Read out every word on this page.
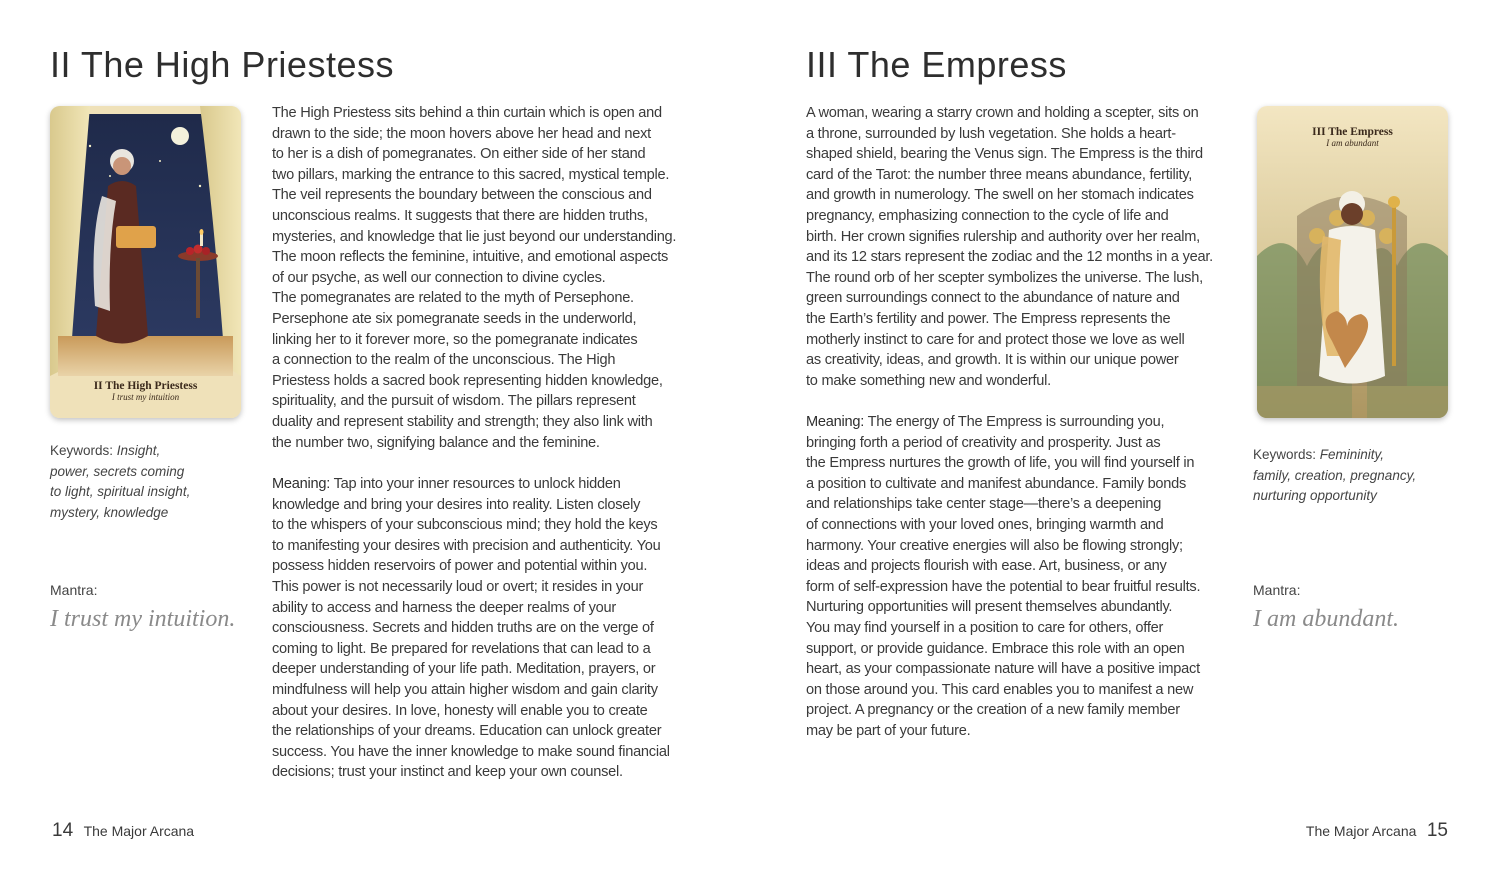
II The High Priestess
II The High Priestess
I trust my intuition

The High Priestess sits behind a thin curtain which is open and
drawn to the side; the moon hovers above her head and next
to her is a dish of pomegranates. On either side of her stand
two pillars, marking the entrance to this sacred, mystical temple.
The veil represents the boundary between the conscious and
unconscious realms. It suggests that there are hidden truths,
mysteries, and knowledge that lie just beyond our understanding.
The moon reflects the feminine, intuitive, and emotional aspects
of our psyche, as well our connection to divine cycles.
The pomegranates are related to the myth of Persephone.
Persephone ate six pomegranate seeds in the underworld,
linking her to it forever more, so the pomegranate indicates
a connection to the realm of the unconscious. The High
Priestess holds a sacred book representing hidden knowledge,
spirituality, and the pursuit of wisdom. The pillars represent
duality and represent stability and strength; they also link with
the number two, signifying balance and the feminine.

Meaning: Tap into your inner resources to unlock hidden
knowledge and bring your desires into reality. Listen closely
to the whispers of your subconscious mind; they hold the keys
to manifesting your desires with precision and authenticity. You
possess hidden reservoirs of power and potential within you.
This power is not necessarily loud or overt; it resides in your
ability to access and harness the deeper realms of your
consciousness. Secrets and hidden truths are on the verge of
coming to light. Be prepared for revelations that can lead to a
deeper understanding of your life path. Meditation, prayers, or
mindfulness will help you attain higher wisdom and gain clarity
about your desires. In love, honesty will enable you to create
the relationships of your dreams. Education can unlock greater
success. You have the inner knowledge to make sound financial
decisions; trust your instinct and keep your own counsel.

Keywords: Insight,
power, secrets coming
to light, spiritual insight,
mystery, knowledge
Mantra:
I trust my intuition.
14 The Major Arcana
III The Empress

A woman, wearing a starry crown and holding a scepter, sits on
a throne, surrounded by lush vegetation. She holds a heart-
shaped shield, bearing the Venus sign. The Empress is the third
card of the Tarot: the number three means abundance, fertility,
and growth in numerology. The swell on her stomach indicates
pregnancy, emphasizing connection to the cycle of life and
birth. Her crown signifies rulership and authority over her realm,
and its 12 stars represent the zodiac and the 12 months in a year.
The round orb of her scepter symbolizes the universe. The lush,
green surroundings connect to the abundance of nature and
the Earth’s fertility and power. The Empress represents the
motherly instinct to care for and protect those we love as well
as creativity, ideas, and growth. It is within our unique power
to make something new and wonderful.

Meaning: The energy of The Empress is surrounding you,
bringing forth a period of creativity and prosperity. Just as
the Empress nurtures the growth of life, you will find yourself in
a position to cultivate and manifest abundance. Family bonds
and relationships take center stage—there’s a deepening
of connections with your loved ones, bringing warmth and
harmony. Your creative energies will also be flowing strongly;
ideas and projects flourish with ease. Art, business, or any
form of self-expression have the potential to bear fruitful results.
Nurturing opportunities will present themselves abundantly.
You may find yourself in a position to care for others, offer
support, or provide guidance. Embrace this role with an open
heart, as your compassionate nature will have a positive impact
on those around you. This card enables you to manifest a new
project. A pregnancy or the creation of a new family member
may be part of your future.

III The Empress
I am abundant
Keywords: Femininity,
family, creation, pregnancy,
nurturing opportunity
Mantra:
I am abundant.
The Major Arcana 15
